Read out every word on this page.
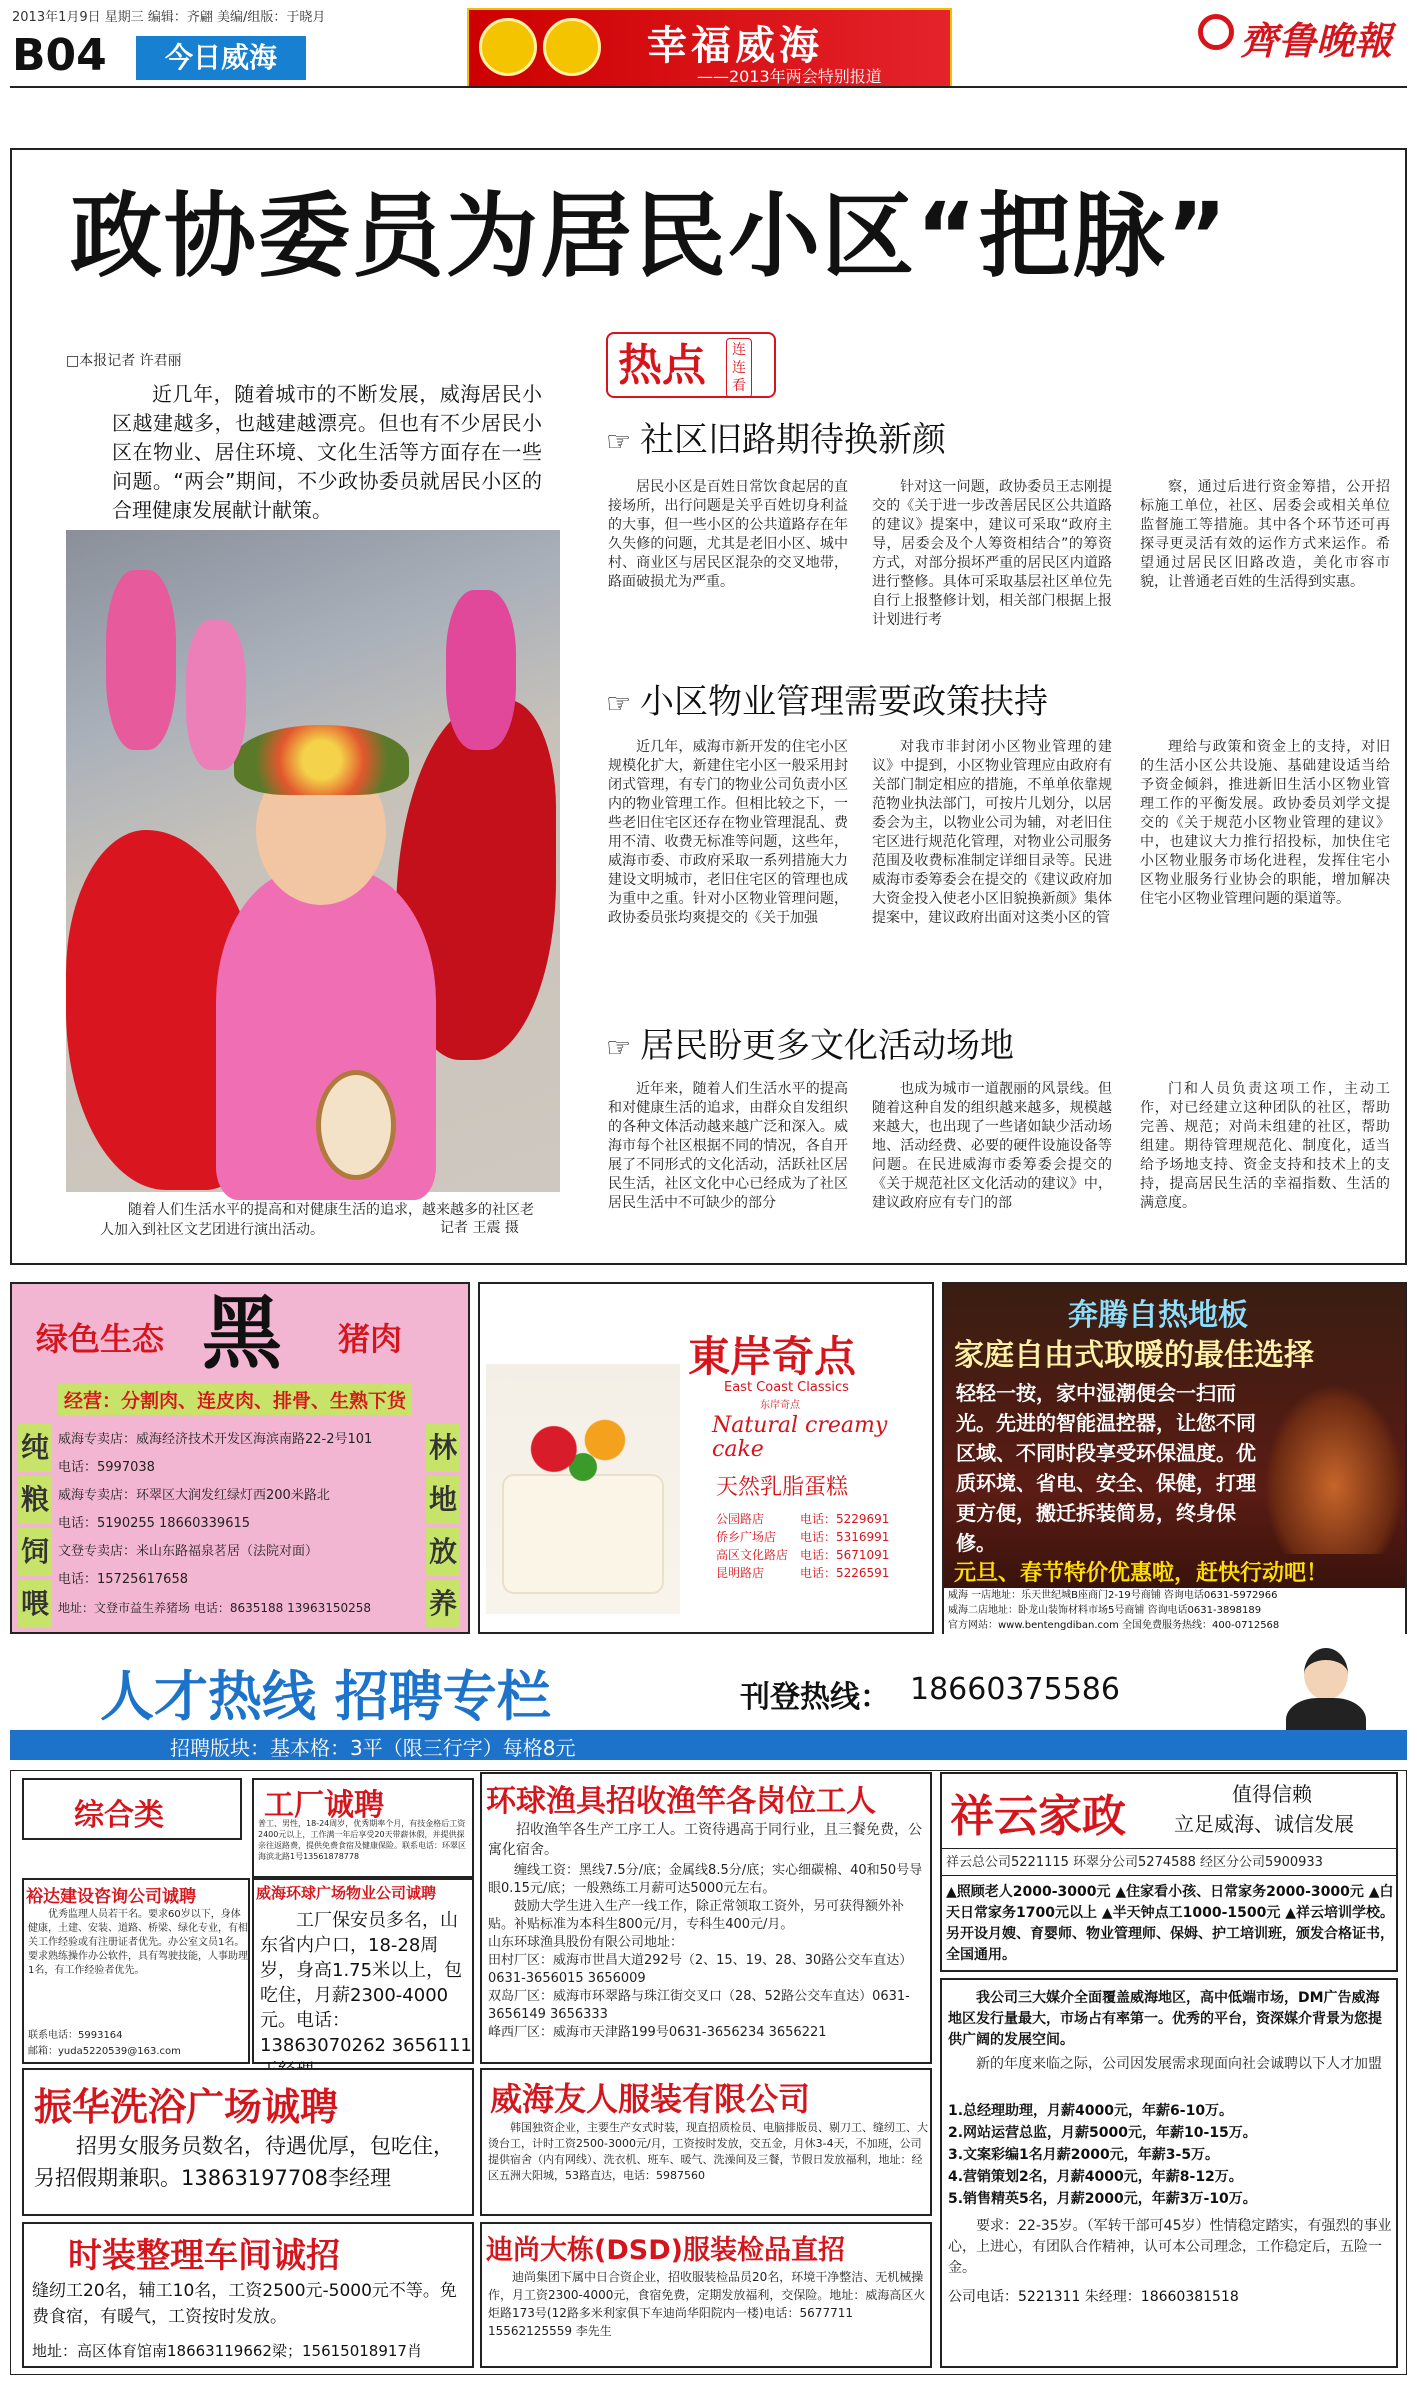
2013年1月9日 星期三 编辑：齐翩 美编/组版：于晓月
B04	今日威海	幸福威海
——2013年两会特别报道
齊鲁晚報
政协委员为居民小区“把脉”
□本报记者 许君丽
近几年，随着城市的不断发展，威海居民小区越建越多，也越建越漂亮。但也有不少居民小区在物业、居住环境、文化生活等方面存在一些问题。“两会”期间，不少政协委员就居民小区的合理健康发展献计献策。
随着人们生活水平的提高和对健康生活的追求，越来越多的社区老人加入到社区文艺团进行演出活动。	记者 王震 摄
热点	连连看
☞ 社区旧路期待换新颜
居民小区是百姓日常饮食起居的直接场所，出行问题是关乎百姓切身利益的大事，但一些小区的公共道路存在年久失修的问题，尤其是老旧小区、城中村、商业区与居民区混杂的交叉地带，路面破损尤为严重。
针对这一问题，政协委员王志刚提交的《关于进一步改善居民区公共道路的建议》提案中，建议可采取“政府主导，居委会及个人筹资相结合”的筹资方式，对部分损坏严重的居民区内道路进行整修。具体可采取基层社区单位先自行上报整修计划，相关部门根据上报计划进行考
察，通过后进行资金筹措，公开招标施工单位，社区、居委会或相关单位监督施工等措施。其中各个环节还可再探寻更灵活有效的运作方式来运作。希望通过居民区旧路改造，美化市容市貌，让普通老百姓的生活得到实惠。
☞ 小区物业管理需要政策扶持
近几年，威海市新开发的住宅小区规模化扩大，新建住宅小区一般采用封闭式管理，有专门的物业公司负责小区内的物业管理工作。但相比较之下，一些老旧住宅区还存在物业管理混乱、费用不清、收费无标准等问题，这些年，威海市委、市政府采取一系列措施大力建设文明城市，老旧住宅区的管理也成为重中之重。针对小区物业管理问题，政协委员张均爽提交的《关于加强
对我市非封闭小区物业管理的建议》中提到，小区物业管理应由政府有关部门制定相应的措施，不单单依靠规范物业执法部门，可按片儿划分，以居委会为主，以物业公司为辅，对老旧住宅区进行规范化管理，对物业公司服务范围及收费标准制定详细目录等。民进威海市委筹委会在提交的《建议政府加大资金投入使老小区旧貌换新颜》集体提案中，建议政府出面对这类小区的管
理给与政策和资金上的支持，对旧的生活小区公共设施、基础建设适当给予资金倾斜，推进新旧生活小区物业管理工作的平衡发展。政协委员刘学文提交的《关于规范小区物业管理的建议》中，也建议大力推行招投标，加快住宅小区物业服务市场化进程，发挥住宅小区物业服务行业协会的职能，增加解决住宅小区物业管理问题的渠道等。
☞ 居民盼更多文化活动场地
近年来，随着人们生活水平的提高和对健康生活的追求，由群众自发组织的各种文体活动越来越广泛和深入。威海市每个社区根据不同的情况，各自开展了不同形式的文化活动，活跃社区居民生活，社区文化中心已经成为了社区居民生活中不可缺少的部分
也成为城市一道靓丽的风景线。但随着这种自发的组织越来越多，规模越来越大，也出现了一些诸如缺少活动场地、活动经费、必要的硬件设施设备等问题。在民进威海市委筹委会提交的《关于规范社区文化活动的建议》中，建议政府应有专门的部
门和人员负责这项工作，主动工作，对已经建立这种团队的社区，帮助完善、规范；对尚未组建的社区，帮助组建。期待管理规范化、制度化，适当给予场地支持、资金支持和技术上的支持，提高居民生活的幸福指数、生活的满意度。
绿色生态 黑 猪肉
经营：分割肉、连皮肉、排骨、生熟下货
纯
粮
饲
喂
林
地
放
养
威海专卖店：威海经济技术开发区海滨南路22-2号101
电话：5997038
威海专卖店：环翠区大润发红绿灯西200米路北
电话：5190255 18660339615
文登专卖店：米山东路福泉茗居（法院对面）
电话：15725617658
地址：文登市益生养猪场 电话：8635188 13963150258
東岸奇点
East Coast Classics
东岸奇点
Natural creamy cake
天然乳脂蛋糕
公园路店	电话：5229691
侨乡广场店 电话：5316991
高区文化路店 电话：5671091
昆明路店	电话：5226591
奔腾自热地板
家庭自由式取暖的最佳选择
轻轻一按，家中湿潮便会一扫而光。先进的智能温控器，让您不同区域、不同时段享受环保温度。优质环境、省电、安全、保健，打理更方便，搬迁拆装简易，终身保修。
元旦、春节特价优惠啦，赶快行动吧！
威海 一店地址：乐天世纪城B座商门2-19号商铺 咨询电话0631-5972966
威海二店地址：卧龙山装饰材料市场5号商铺 咨询电话0631-3898189
官方网站：www.bentengdiban.com 全国免费服务热线：400-0712568
人才热线 招聘专栏	刊登热线： 18660375586
招聘版块：基本格：3平（限三行字）每格8元
综合类	工厂诚聘
普工、男性，18-24周岁，优秀期率个月，有技金格后工资2400元以上，工作满一年后享受20天带薪休假，并提供探亲往返路费，提供免费食宿及健康保险。联系电话：环翠区海滨北路1号13561878778
裕达建设咨询公司诚聘
优秀监理人员若干名。要求60岁以下，身体健康，土建、安装、道路、桥梁、绿化专业，有相关工作经验或有注册证者优先。办公室文员1名。要求熟练操作办公软件，具有驾驶技能，人事助理1名，有工作经验者优先。
联系电话：5993164
邮箱：yuda5220539@163.com
威海环球广场物业公司诚聘
工厂保安员多名，山东省内户口，18-28周岁，身高1.75米以上，包吃住，月薪2300-4000元。电话：13863070262 3656111
环球渔具招收渔竿各岗位工人
招收渔竿各生产工序工人。工资待遇高于同行业，且三餐免费，公寓化宿舍。
缠线工资：黑线7.5分/底；金属线8.5分/底；实心细碳棉、40和50号导眼0.15元/底；一般熟练工月薪可达5000元左右。
鼓励大学生进入生产一线工作，除正常领取工资外，另可获得额外补贴。补贴标准为本科生800元/月，专科生400元/月。
山东环球渔具股份有限公司地址：
田村厂区：威海市世昌大道292号（2、15、19、28、30路公交车直达）0631-3656015 3656009
双岛厂区：威海市环翠路与珠江街交叉口（28、52路公交车直达）0631-3656149 3656333
峰西厂区：威海市天津路199号0631-3656234 3656221
祥云家政	值得信赖
立足威海、诚信发展
祥云总公司5221115 环翠分公司5274588 经区分公司5900933
▲照顾老人2000-3000元 ▲住家看小孩、日常家务2000-3000元 ▲白天日常家务1700元以上 ▲半天钟点工1000-1500元 ▲祥云培训学校。另开设月嫂、育婴师、物业管理师、保姆、护工培训班，颁发合格证书，全国通用。
我公司三大媒介全面覆盖威海地区，高中低端市场，DM广告威海地区发行量最大，市场占有率第一。优秀的平台，资深媒介背景为您提供广阔的发展空间。
新的年度来临之际，公司因发展需求现面向社会诚聘以下人才加盟
1.总经理助理，月薪4000元，年薪6-10万。
2.网站运营总监，月薪5000元，年薪10-15万。
3.文案彩编1名月薪2000元，年薪3-5万。
4.营销策划2名，月薪4000元，年薪8-12万。
5.销售精英5名，月薪2000元，年薪3万-10万。
要求：22-35岁。（军转干部可45岁）性情稳定踏实，有强烈的事业心，上进心，有团队合作精神，认可本公司理念，工作稳定后，五险一金。
公司电话：5221311 朱经理：18660381518
振华洗浴广场诚聘
招男女服务员数名，待遇优厚，包吃住，另招假期兼职。13863197708李经理
威海友人服装有限公司
韩国独资企业，主要生产女式时装，现直招质检员、电脑排版员、剔刀工、缝纫工、大烫台工，计时工资2500-3000元/月，工资按时发放，交五金，月休3-4天，不加班，公司提供宿舍（内有网线）、洗衣机、班车、暖气、洗澡间及三餐，节假日发放福利，地址：经区五洲大阳城，53路直达，电话：5987560
时装整理车间诚招
缝纫工20名，辅工10名，工资2500元-5000元不等。免费食宿，有暖气，工资按时发放。
地址：高区体育馆南18663119662梁；15615018917肖
迪尚大栋(DSD)服装检品直招
迪尚集团下属中日合资企业，招收服装检品员20名，环境干净整洁、无机械操作，月工资2300-4000元，食宿免费，定期发放福利，交保险。地址：威海高区火炬路173号(12路多米利家俱下车迪尚华阳院内一楼)电话：5677711 15562125559 李先生
